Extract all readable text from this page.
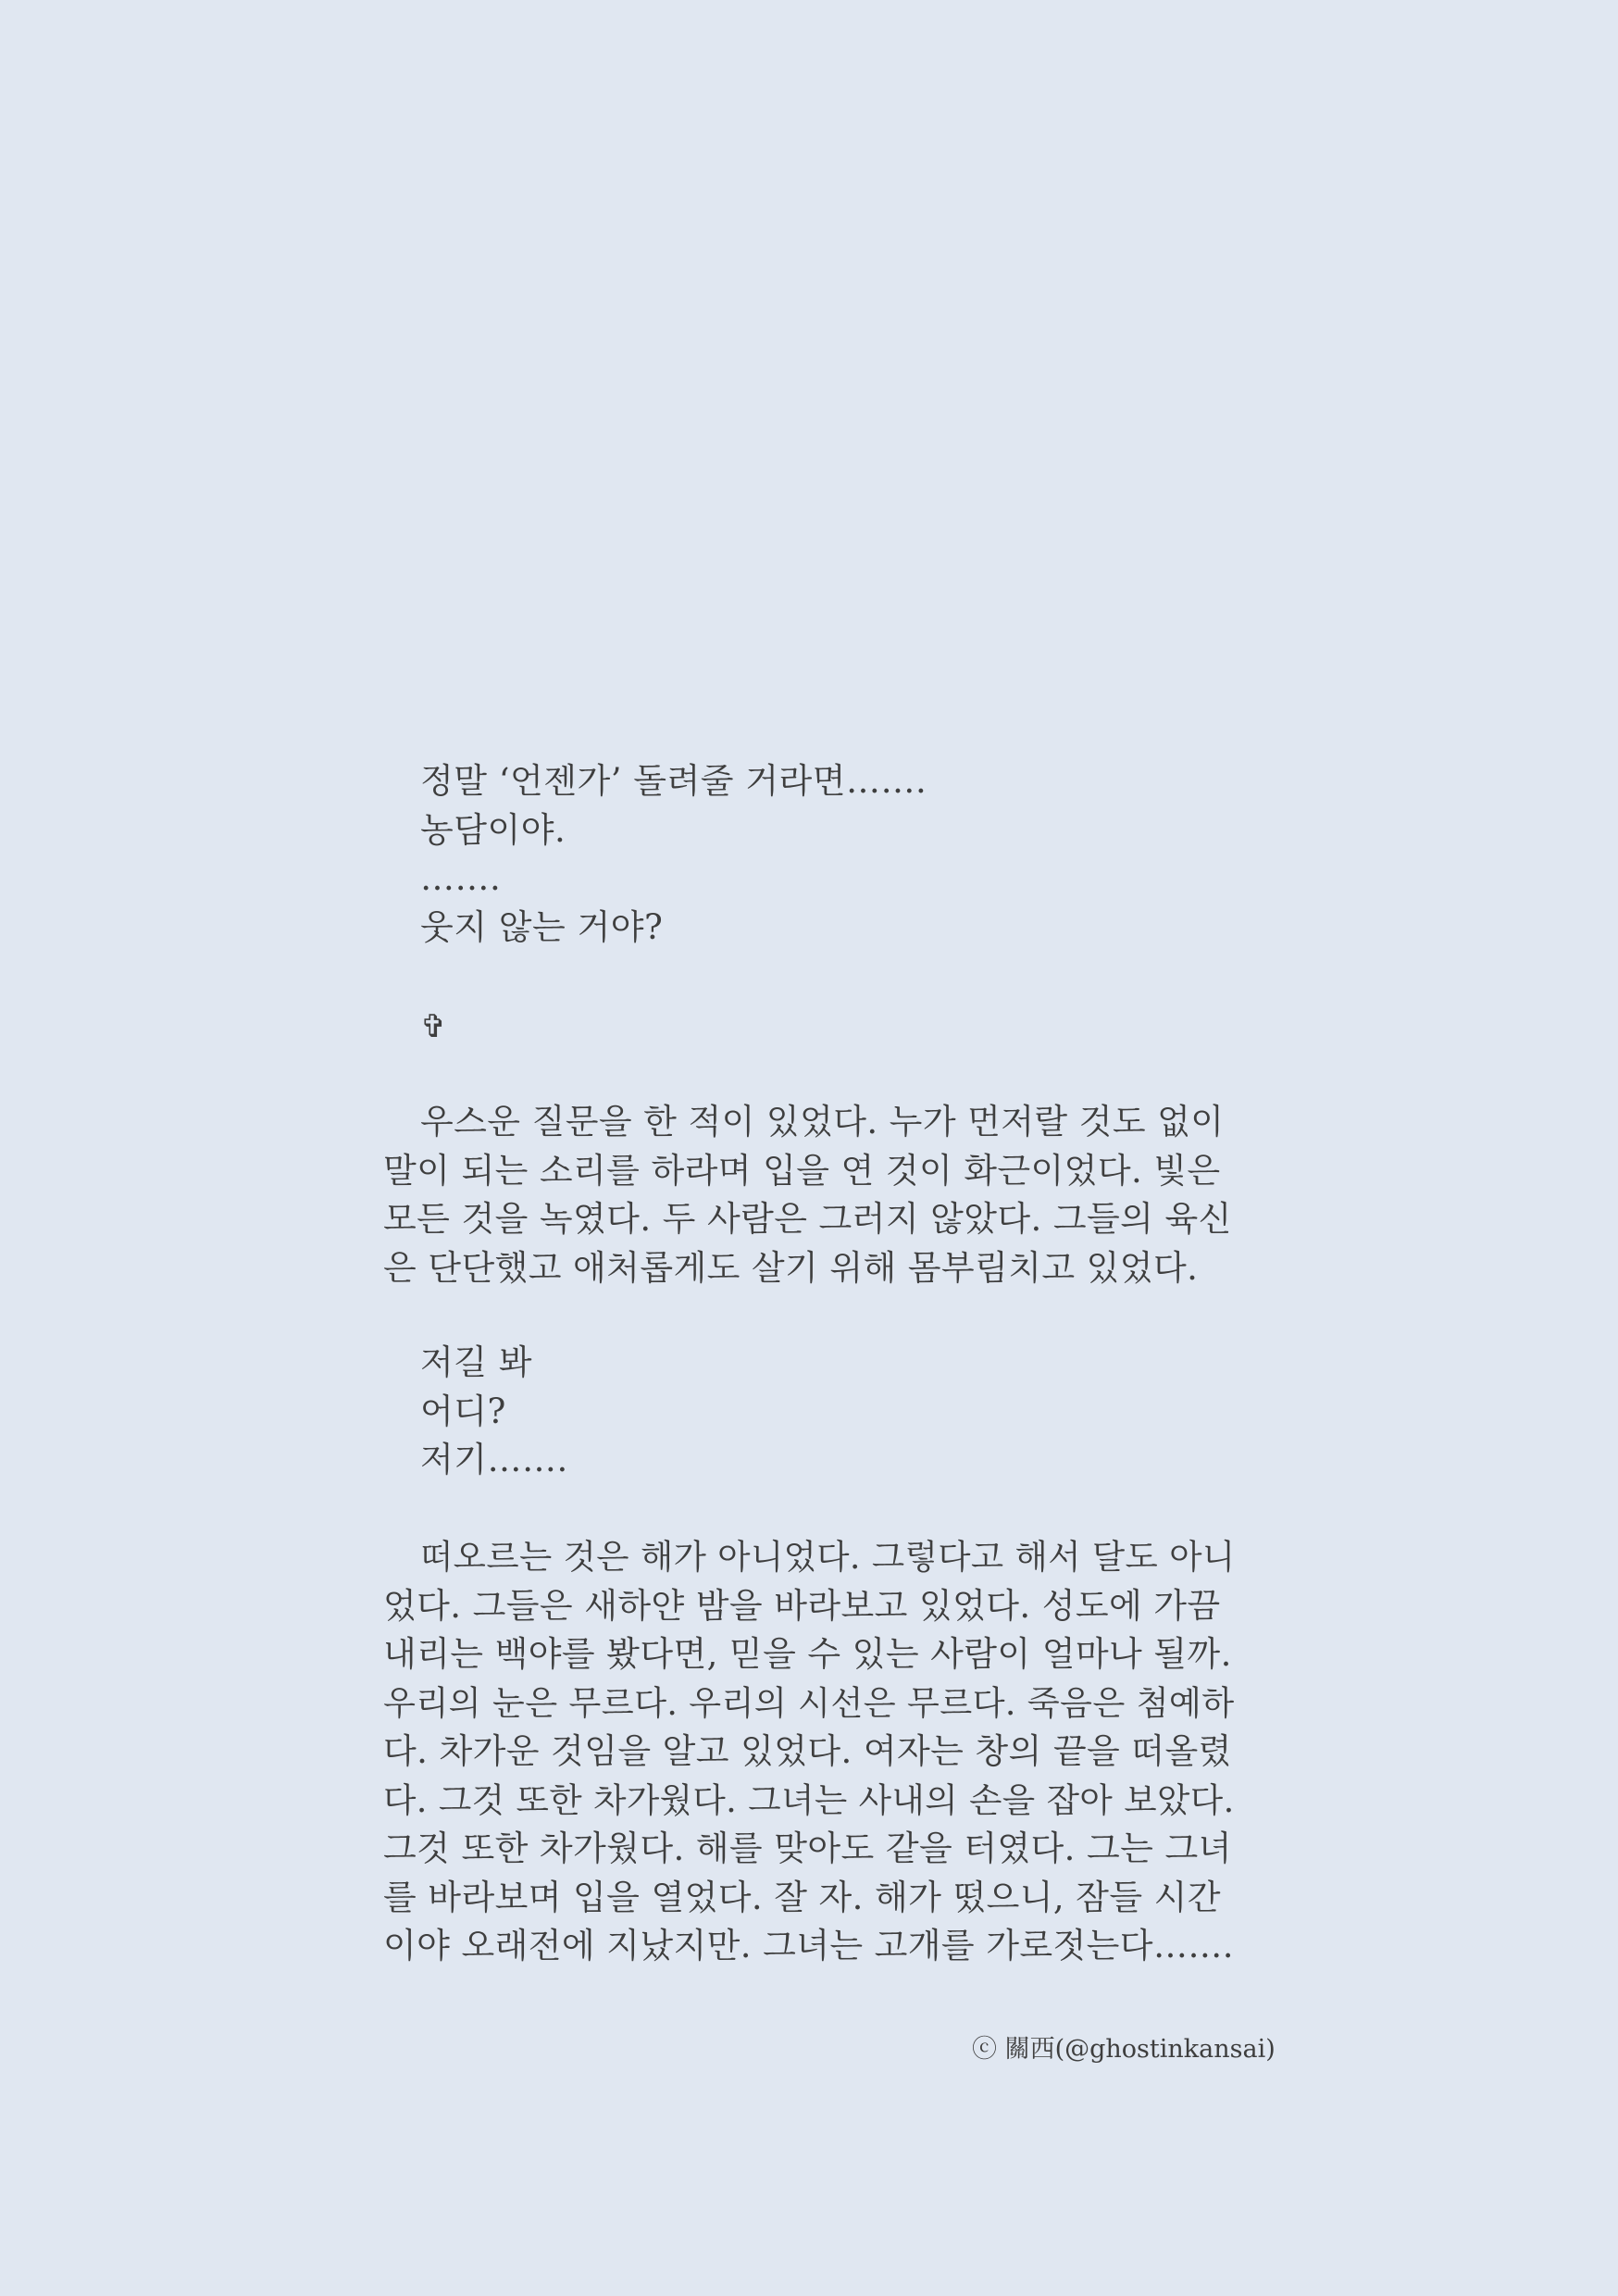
정말 ‘언젠가’ 돌려줄 거라면…….
농담이야.
…….
웃지 않는 거야?
✞
우스운 질문을 한 적이 있었다. 누가 먼저랄 것도 없이
말이 되는 소리를 하라며 입을 연 것이 화근이었다. 빛은
모든 것을 녹였다. 두 사람은 그러지 않았다. 그들의 육신
은 단단했고 애처롭게도 살기 위해 몸부림치고 있었다.
저길 봐
어디?
저기…….
떠오르는 것은 해가 아니었다. 그렇다고 해서 달도 아니
었다. 그들은 새하얀 밤을 바라보고 있었다. 성도에 가끔
내리는 백야를 봤다면, 믿을 수 있는 사람이 얼마나 될까.
우리의 눈은 무르다. 우리의 시선은 무르다. 죽음은 첨예하
다. 차가운 것임을 알고 있었다. 여자는 창의 끝을 떠올렸
다. 그것 또한 차가웠다. 그녀는 사내의 손을 잡아 보았다.
그것 또한 차가웠다. 해를 맞아도 같을 터였다. 그는 그녀
를 바라보며 입을 열었다. 잘 자. 해가 떴으니, 잠들 시간
이야 오래전에 지났지만. 그녀는 고개를 가로젓는다…….
ⓒ 關西(@ghostinkansai)
